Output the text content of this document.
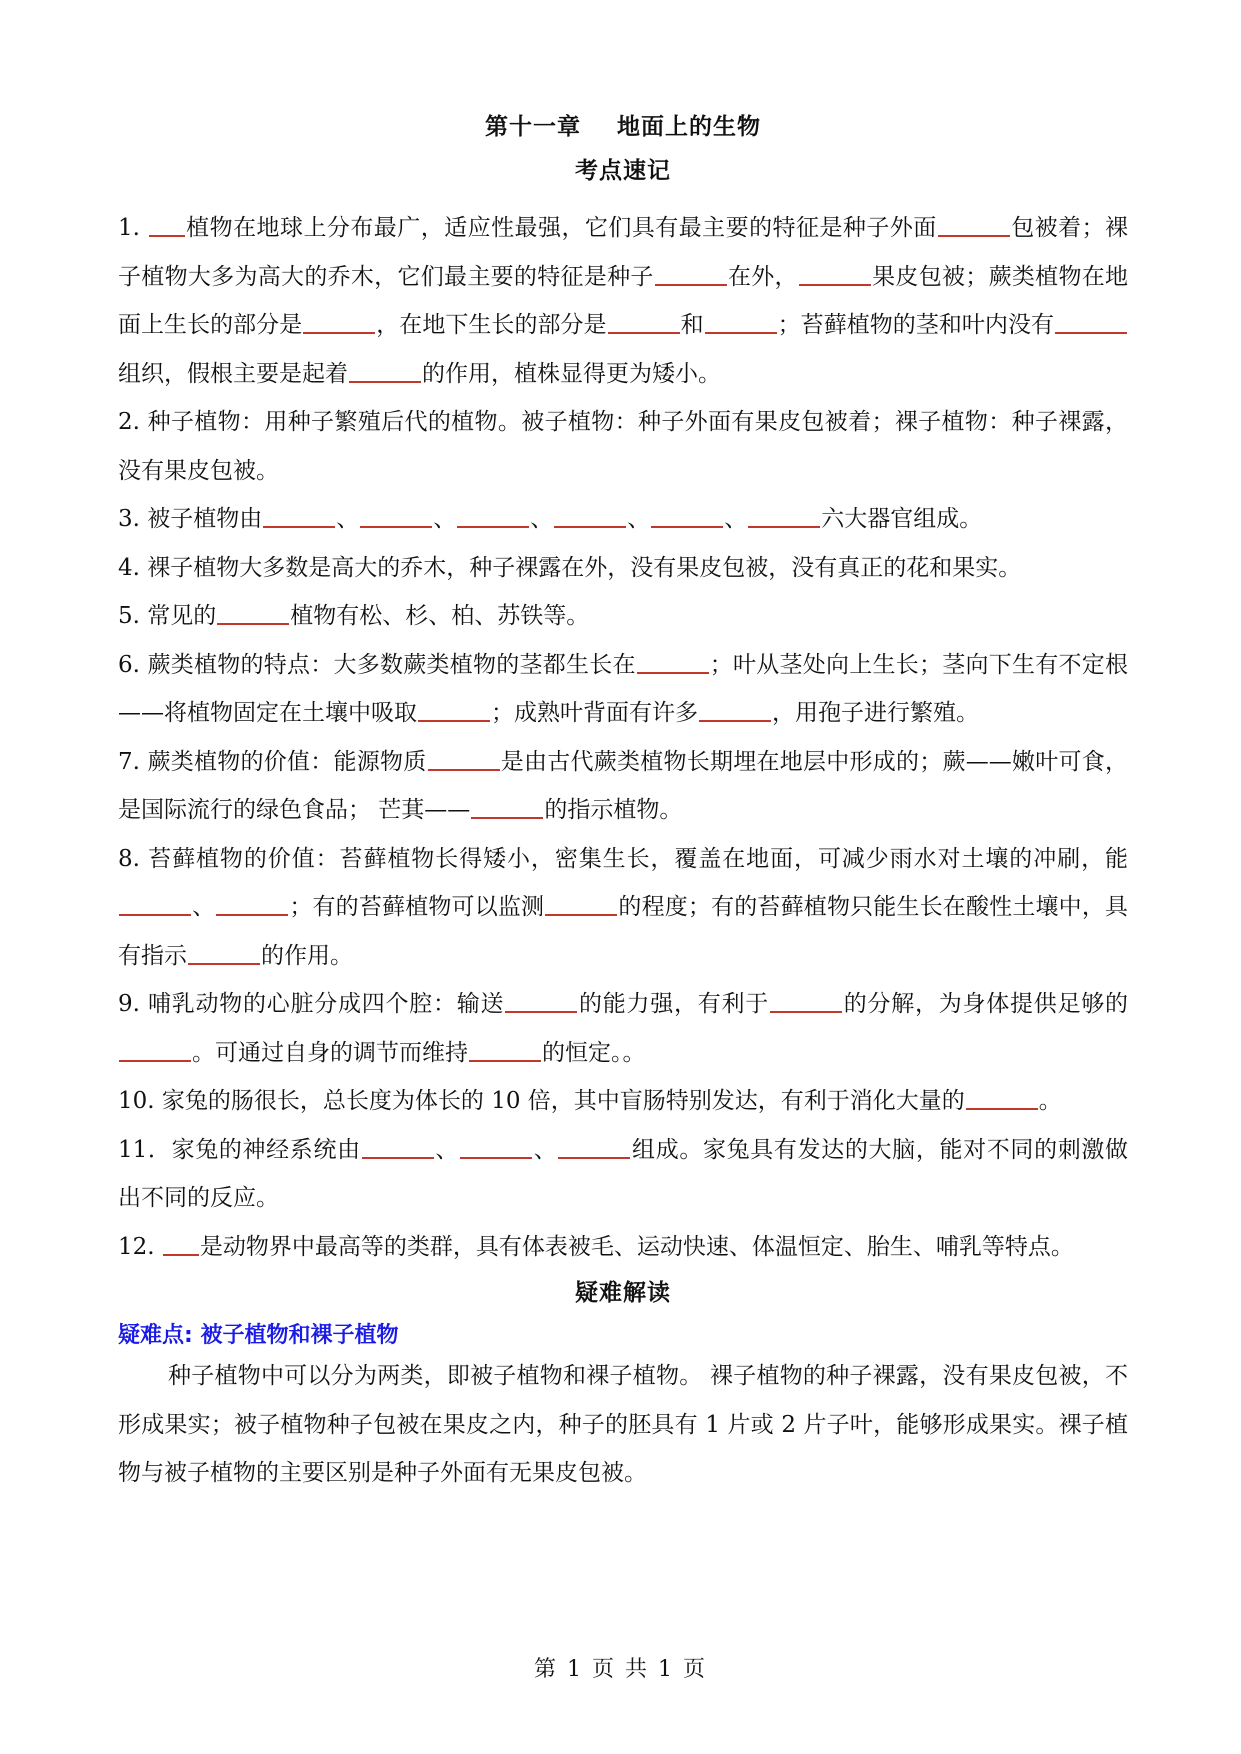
第十一章 地面上的生物
考点速记

1. 植物在地球上分布最广，适应性最强，它们具有最主要的特征是种子外面	包被着；裸子植物大多为高大的乔木，它们最主要的特征是种子	在外，	果皮包被；蕨类植物在地面上生长的部分是	，在地下生长的部分是	和	；苔藓植物的茎和叶内没有组织，假根主要是起着	的作用，植株显得更为矮小。

2. 种子植物：用种子繁殖后代的植物。被子植物：种子外面有果皮包被着；裸子植物：种子裸露，没有果皮包被。

3. 被子植物由	、	、	、	、	、	六大器官组成。

4. 裸子植物大多数是高大的乔木，种子裸露在外，没有果皮包被，没有真正的花和果实。

5. 常见的	植物有松、杉、柏、苏铁等。

6. 蕨类植物的特点：大多数蕨类植物的茎都生长在	；叶从茎处向上生长；茎向下生有不定根——将植物固定在土壤中吸取	；成熟叶背面有许多	，用孢子进行繁殖。

7. 蕨类植物的价值：能源物质	是由古代蕨类植物长期埋在地层中形成的；蕨——嫩叶可食，是国际流行的绿色食品； 芒萁——	的指示植物。

8. 苔藓植物的价值：苔藓植物长得矮小，密集生长，覆盖在地面，可减少雨水对土壤的冲刷，能、	；有的苔藓植物可以监测	的程度；有的苔藓植物只能生长在酸性土壤中，具有指示	的作用。

9. 哺乳动物的心脏分成四个腔：输送	的能力强，有利于	的分解，为身体提供足够的。可通过自身的调节而维持	的恒定。。

10. 家兔的肠很长，总长度为体长的 10 倍，其中盲肠特别发达，有利于消化大量的	。

11．家兔的神经系统由	、	、	组成。家兔具有发达的大脑，能对不同的刺激做出不同的反应。

12. 是动物界中最高等的类群，具有体表被毛、运动快速、体温恒定、胎生、哺乳等特点。

疑难解读
疑难点: 被子植物和裸子植物

种子植物中可以分为两类，即被子植物和裸子植物。 裸子植物的种子裸露，没有果皮包被，不形成果实；被子植物种子包被在果皮之内，种子的胚具有 1 片或 2 片子叶，能够形成果实。裸子植物与被子植物的主要区别是种子外面有无果皮包被。

第 1 页 共 1 页
